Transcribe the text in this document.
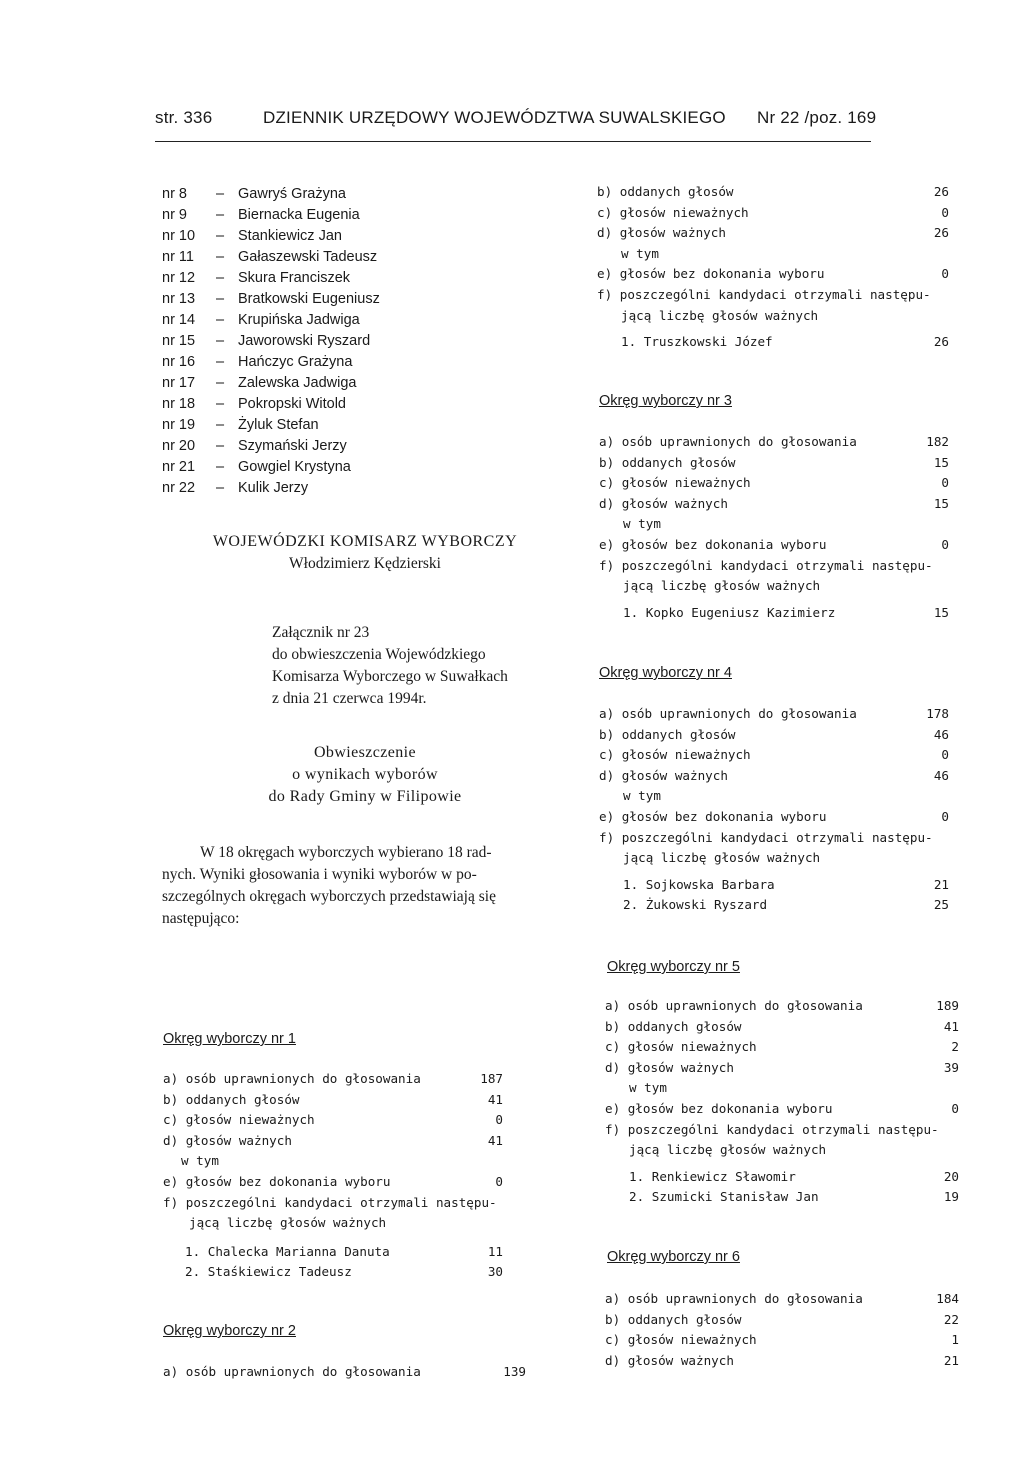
str. 336	DZIENNIK URZĘDOWY WOJEWÓDZTWA SUWALSKIEGO Nr 22 /poz. 169
nr 8	– Gawryś Grażyna
nr 9	– Biernacka Eugenia
nr 10	– Stankiewicz Jan
nr 11	– Gałaszewski Tadeusz
nr 12	– Skura Franciszek
nr 13	– Bratkowski Eugeniusz
nr 14	– Krupińska Jadwiga
nr 15	– Jaworowski Ryszard
nr 16	– Hańczyc Grażyna
nr 17	– Zalewska Jadwiga
nr 18	– Pokropski Witold
nr 19	– Żyluk Stefan
nr 20	– Szymański Jerzy
nr 21	– Gowgiel Krystyna
nr 22	– Kulik Jerzy
WOJEWÓDZKI KOMISARZ WYBORCZY
Włodzimierz Kędzierski
Załącznik nr 23
do obwieszczenia Wojewódzkiego
Komisarza Wyborczego w Suwałkach
z dnia 21 czerwca 1994r.
Obwieszczenie
o wynikach wyborów
do Rady Gminy w Filipowie
W 18 okręgach wyborczych wybierano 18 rad-
nych. Wyniki głosowania i wyniki wyborów w po-
szczególnych okręgach wyborczych przedstawiają się
następująco:
Okręg wyborczy nr 1
a) osób uprawnionych do głosowania	187
b) oddanych głosów	41
c) głosów nieważnych	0
d) głosów ważnych	41
w tym
e) głosów bez dokonania wyboru	0
f) poszczególni kandydaci otrzymali następu-
jącą liczbę głosów ważnych
1. Chalecka Marianna Danuta	11
2. Staśkiewicz Tadeusz	30
Okręg wyborczy nr 2
a) osób uprawnionych do głosowania	139
b) oddanych głosów	26
c) głosów nieważnych	0
d) głosów ważnych	26
w tym
e) głosów bez dokonania wyboru	0
f) poszczególni kandydaci otrzymali następu-
jącą liczbę głosów ważnych
1. Truszkowski Józef	26
Okręg wyborczy nr 3
a) osób uprawnionych do głosowania	182
b) oddanych głosów	15
c) głosów nieważnych	0
d) głosów ważnych	15
w tym
e) głosów bez dokonania wyboru	0
f) poszczególni kandydaci otrzymali następu-
jącą liczbę głosów ważnych
1. Kopko Eugeniusz Kazimierz	15
Okręg wyborczy nr 4
a) osób uprawnionych do głosowania	178
b) oddanych głosów	46
c) głosów nieważnych	0
d) głosów ważnych	46
w tym
e) głosów bez dokonania wyboru	0
f) poszczególni kandydaci otrzymali następu-
jącą liczbę głosów ważnych
1. Sojkowska Barbara	21
2. Żukowski Ryszard	25
Okręg wyborczy nr 5
a) osób uprawnionych do głosowania	189
b) oddanych głosów	41
c) głosów nieważnych	2
d) głosów ważnych	39
w tym
e) głosów bez dokonania wyboru	0
f) poszczególni kandydaci otrzymali następu-
jącą liczbę głosów ważnych
1. Renkiewicz Sławomir	20
2. Szumicki Stanisław Jan	19
Okręg wyborczy nr 6
a) osób uprawnionych do głosowania	184
b) oddanych głosów	22
c) głosów nieważnych	1
d) głosów ważnych	21
